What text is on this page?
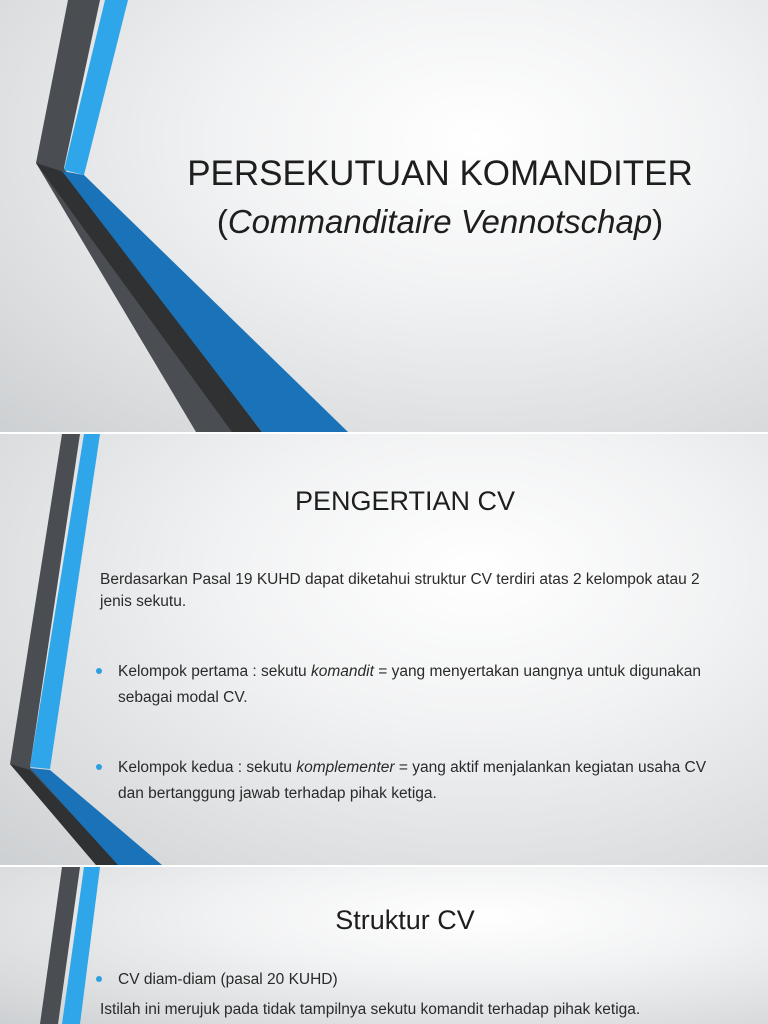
PERSEKUTUAN KOMANDITER
(Commanditaire Vennotschap)
PENGERTIAN CV
Berdasarkan Pasal 19 KUHD dapat diketahui struktur CV terdiri atas 2 kelompok atau 2 jenis sekutu.
Kelompok pertama : sekutu komandit = yang menyertakan uangnya untuk digunakan sebagai modal CV.
Kelompok kedua : sekutu komplementer = yang aktif menjalankan kegiatan usaha CV dan bertanggung jawab terhadap pihak ketiga.
Struktur CV
CV diam-diam (pasal 20 KUHD)
Istilah ini merujuk pada tidak tampilnya sekutu komandit terhadap pihak ketiga.
